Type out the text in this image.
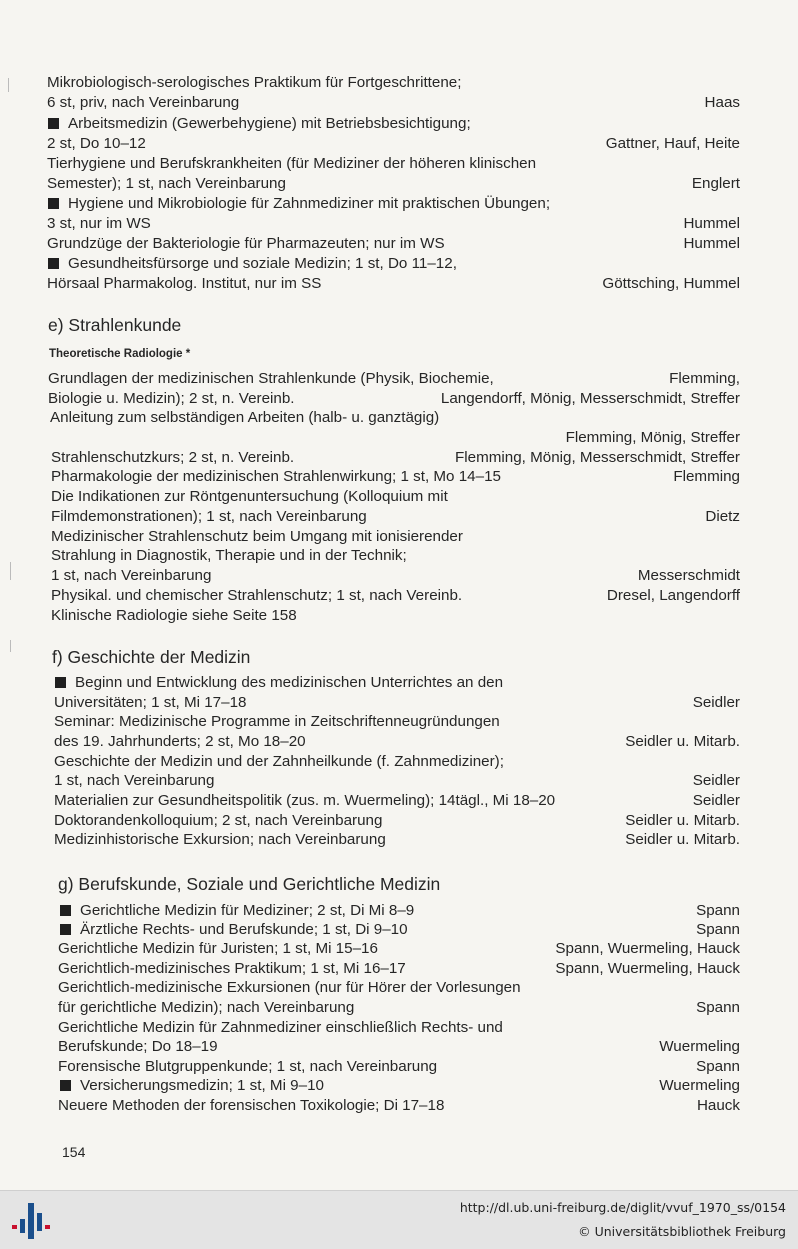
Mikrobiologisch-serologisches Praktikum für Fortgeschrittene;
6 st, priv, nach Vereinbarung	Haas
Arbeitsmedizin (Gewerbehygiene) mit Betriebsbesichtigung;
2 st, Do 10–12	Gattner, Hauf, Heite
Tierhygiene und Berufskrankheiten (für Mediziner der höheren klinischen
Semester); 1 st, nach Vereinbarung	Englert
Hygiene und Mikrobiologie für Zahnmediziner mit praktischen Übungen;
3 st, nur im WS	Hummel
Grundzüge der Bakteriologie für Pharmazeuten; nur im WS	Hummel
Gesundheitsfürsorge und soziale Medizin; 1 st, Do 11–12,
Hörsaal Pharmakolog. Institut, nur im SS	Göttsching, Hummel
e) Strahlenkunde
Theoretische Radiologie *
Grundlagen der medizinischen Strahlenkunde (Physik, Biochemie,	Flemming,
Biologie u. Medizin); 2 st, n. Vereinb.	Langendorff, Mönig, Messerschmidt, Streffer
Anleitung zum selbständigen Arbeiten (halb- u. ganztägig)
Flemming, Mönig, Streffer
Strahlenschutzkurs; 2 st, n. Vereinb.	Flemming, Mönig, Messerschmidt, Streffer
Pharmakologie der medizinischen Strahlenwirkung; 1 st, Mo 14–15	Flemming
Die Indikationen zur Röntgenuntersuchung (Kolloquium mit
Filmdemonstrationen); 1 st, nach Vereinbarung	Dietz
Medizinischer Strahlenschutz beim Umgang mit ionisierender
Strahlung in Diagnostik, Therapie und in der Technik;
1 st, nach Vereinbarung	Messerschmidt
Physikal. und chemischer Strahlenschutz; 1 st, nach Vereinb.	Dresel, Langendorff
Klinische Radiologie siehe Seite 158
f) Geschichte der Medizin
Beginn und Entwicklung des medizinischen Unterrichtes an den
Universitäten; 1 st, Mi 17–18	Seidler
Seminar: Medizinische Programme in Zeitschriftenneugründungen
des 19. Jahrhunderts; 2 st, Mo 18–20	Seidler u. Mitarb.
Geschichte der Medizin und der Zahnheilkunde (f. Zahnmediziner);
1 st, nach Vereinbarung	Seidler
Materialien zur Gesundheitspolitik (zus. m. Wuermeling); 14tägl., Mi 18–20	Seidler
Doktorandenkolloquium; 2 st, nach Vereinbarung	Seidler u. Mitarb.
Medizinhistorische Exkursion; nach Vereinbarung	Seidler u. Mitarb.
g) Berufskunde, Soziale und Gerichtliche Medizin
Gerichtliche Medizin für Mediziner; 2 st, Di Mi 8–9	Spann
Ärztliche Rechts- und Berufskunde; 1 st, Di 9–10	Spann
Gerichtliche Medizin für Juristen; 1 st, Mi 15–16	Spann, Wuermeling, Hauck
Gerichtlich-medizinisches Praktikum; 1 st, Mi 16–17	Spann, Wuermeling, Hauck
Gerichtlich-medizinische Exkursionen (nur für Hörer der Vorlesungen
für gerichtliche Medizin); nach Vereinbarung	Spann
Gerichtliche Medizin für Zahnmediziner einschließlich Rechts- und
Berufskunde; Do 18–19	Wuermeling
Forensische Blutgruppenkunde; 1 st, nach Vereinbarung	Spann
Versicherungsmedizin; 1 st, Mi 9–10	Wuermeling
Neuere Methoden der forensischen Toxikologie; Di 17–18	Hauck
154
http://dl.ub.uni-freiburg.de/diglit/vvuf_1970_ss/0154
© Universitätsbibliothek Freiburg
